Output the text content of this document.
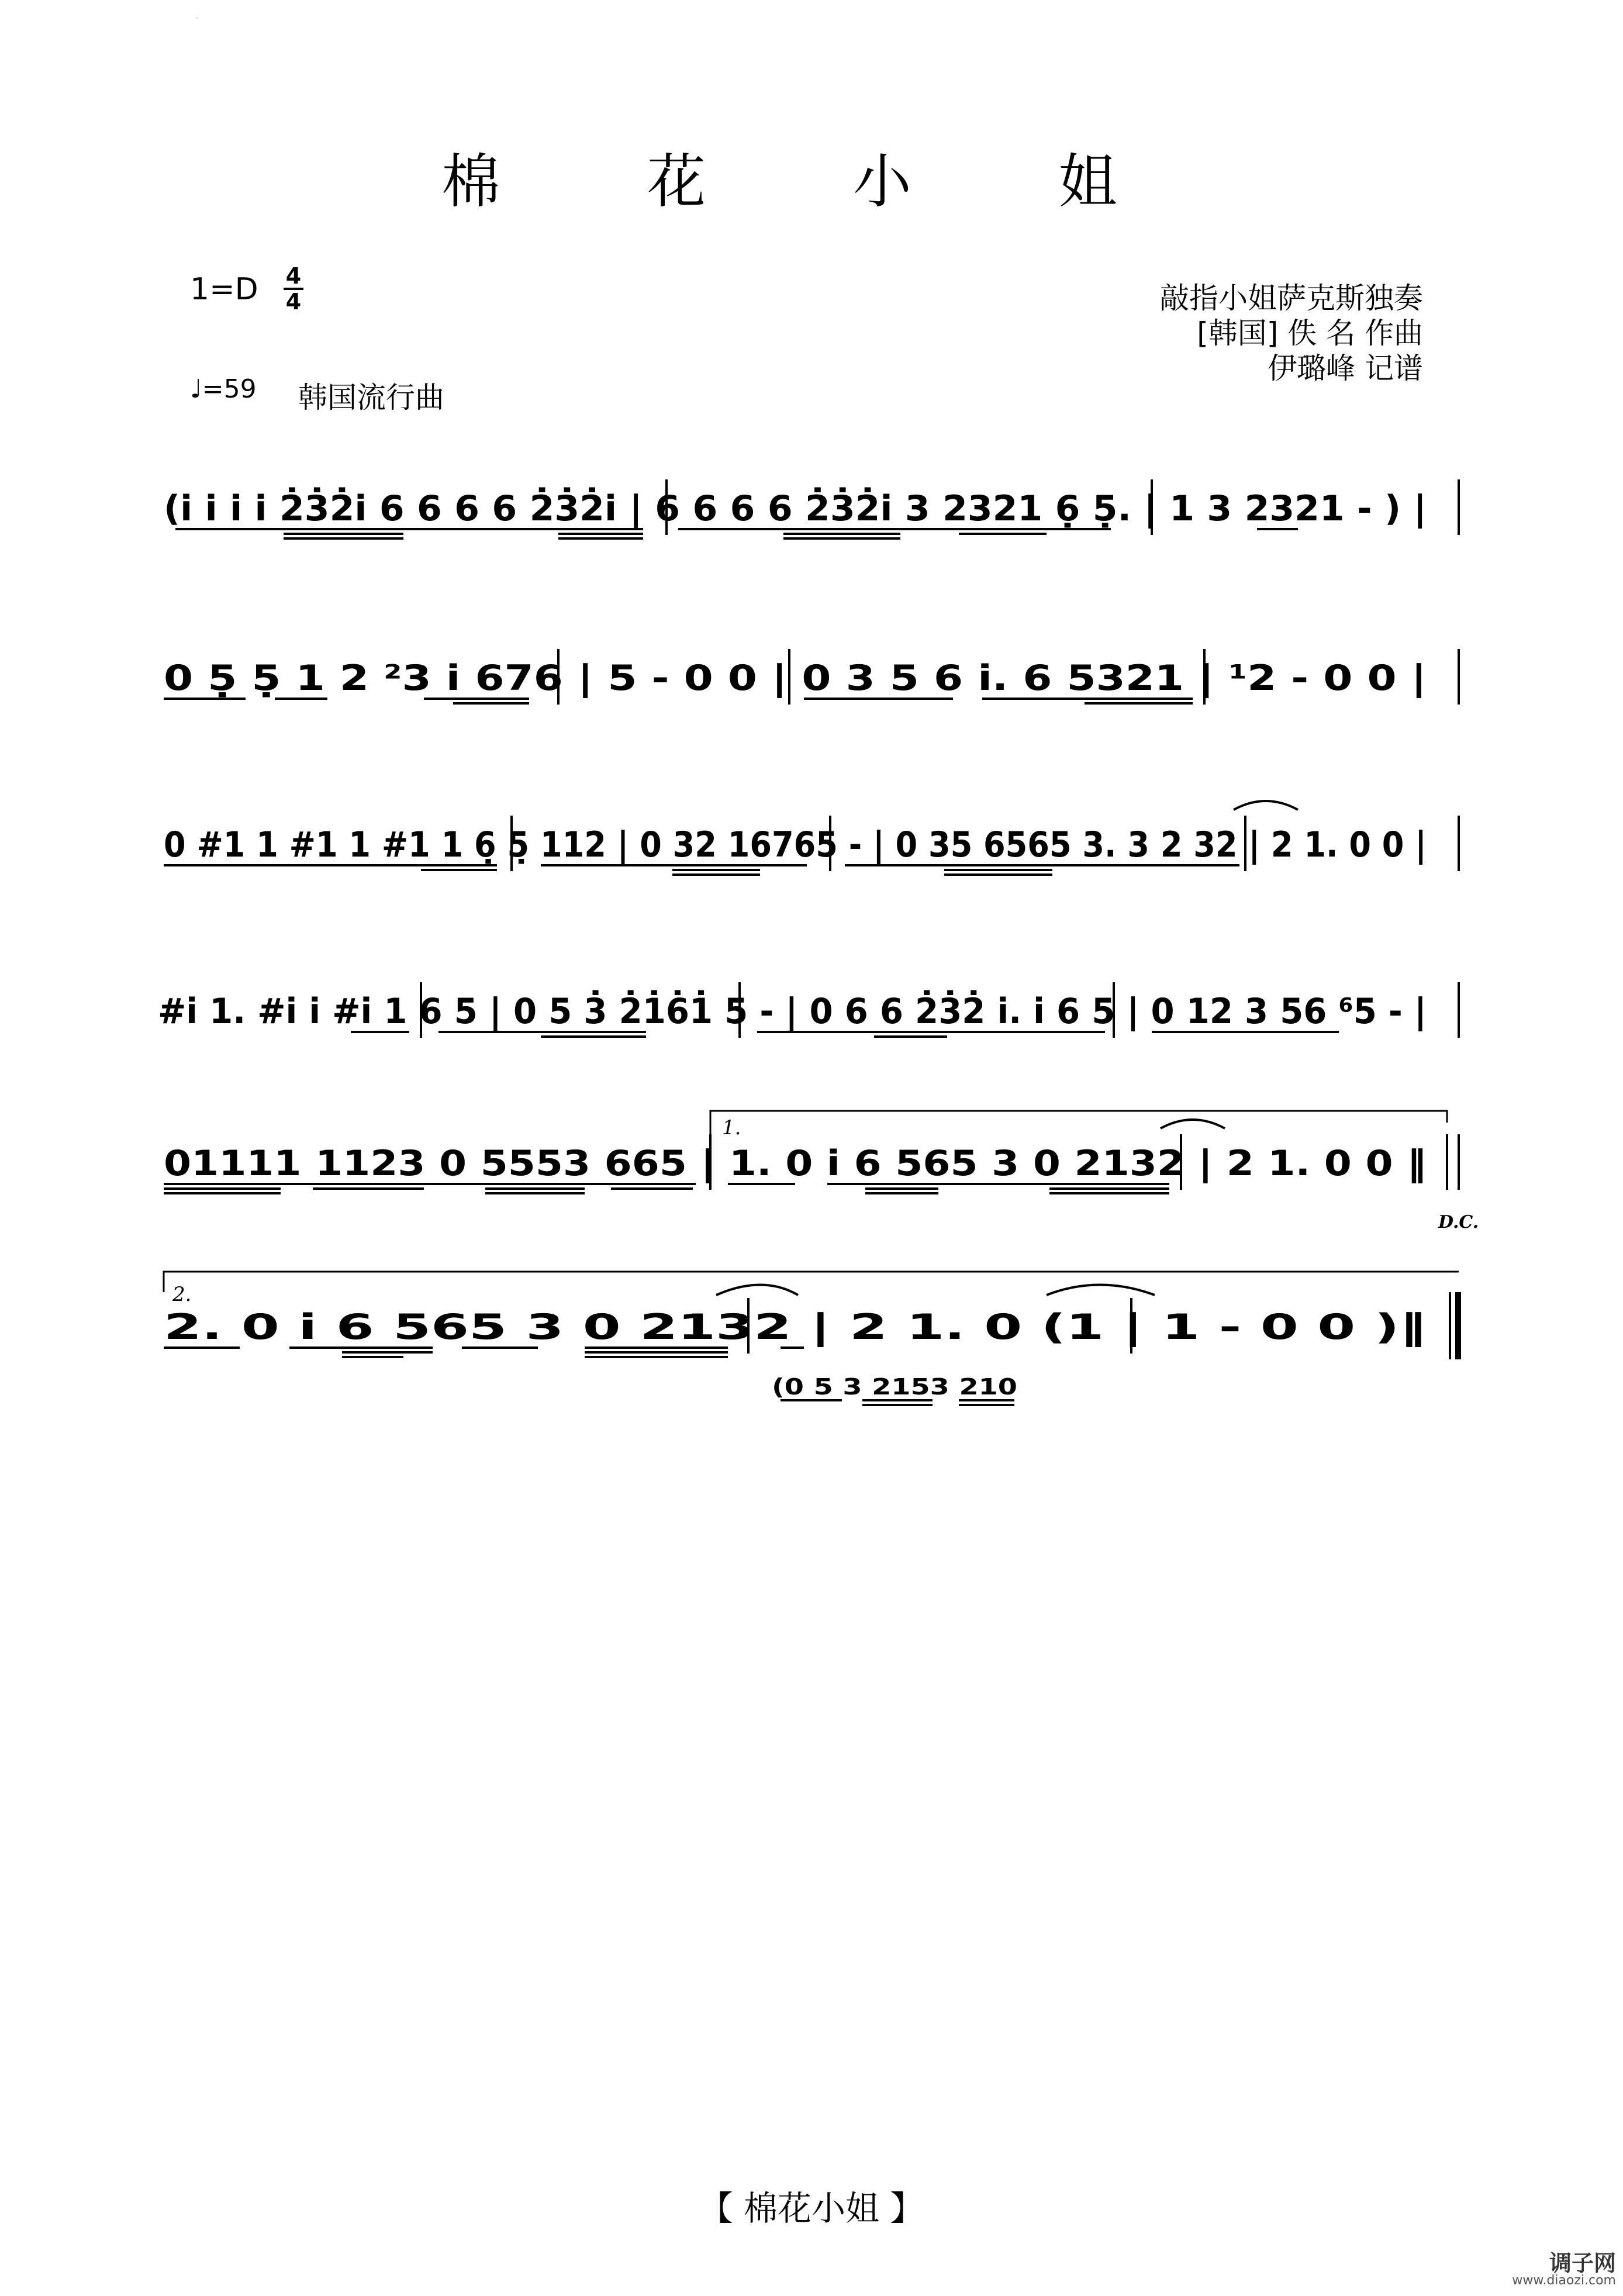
·
棉 花 小 姐
$1=D \frac{4}{4}$
♩=59 韩国流行曲
敲指小姐萨克斯独奏
[韩国] 佚 名 作曲
伊璐峰 记谱
(i̇ i̇ i̇ i̇ 2̇3̇2̇i̇ 6 6 6 6 2̇3̇2̇i̇ | 6 6 6 6 2̇3̇2̇i̇ 3 2321 6̣ 5̣. | 1 3 2321 - ) |
0 5̣ 5̣ 1 2 ²3 i̇ 676 | 5 - 0 0 | 0 3 5 6 i̇. 6 5321 | ¹2 - 0 0 |
0 #1 1 #1 1 #1 1 6̣ 5̣ 112 | 0 32 16765 - | 0 35 6565 3. 3 2 32 | 2 1. 0 0 |
#i̇ 1. #i̇ i̇ #i̇ 1 6 5 | 0 5 3̇ 2̇1̇6̇1̇ 5 - | 0 6 6 2̇3̇2̇ i̇. i̇ 6 5 | 0 12 3 56 ⁶5 - |
1.
01111 1123 0 5553 665 | 1. 0 i̇ 6 565 3 0 2132 | 2 1. 0 0 ‖
D.C.
2.
2. 0 i̇ 6 565 3 0 2132 | 2 1. 0 (1 | 1 - 0 0 )‖
(0 5 3 2153 210
【 棉花小姐 】
调子网
www.diaozi.com
